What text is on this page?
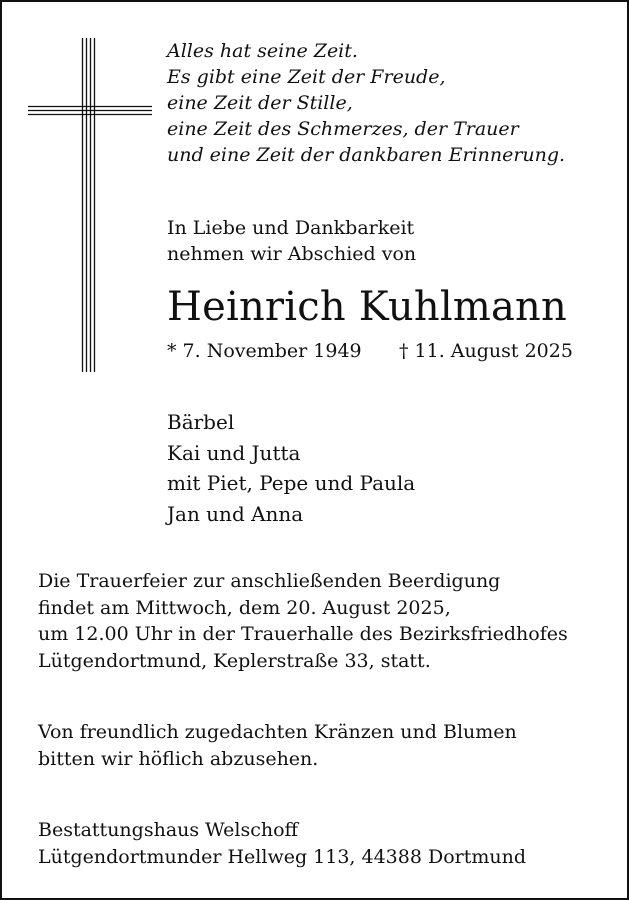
Alles hat seine Zeit.
Es gibt eine Zeit der Freude,
eine Zeit der Stille,
eine Zeit des Schmerzes, der Trauer
und eine Zeit der dankbaren Erinnerung.
In Liebe und Dankbarkeit
nehmen wir Abschied von
Heinrich Kuhlmann
* 7. November 1949 † 11. August 2025
Bärbel
Kai und Jutta
mit Piet, Pepe und Paula
Jan und Anna
Die Trauerfeier zur anschließenden Beerdigung
findet am Mittwoch, dem 20. August 2025,
um 12.00 Uhr in der Trauerhalle des Bezirksfriedhofes
Lütgendortmund, Keplerstraße 33, statt.
Von freundlich zugedachten Kränzen und Blumen
bitten wir höflich abzusehen.
Bestattungshaus Welschoff
Lütgendortmunder Hellweg 113, 44388 Dortmund
